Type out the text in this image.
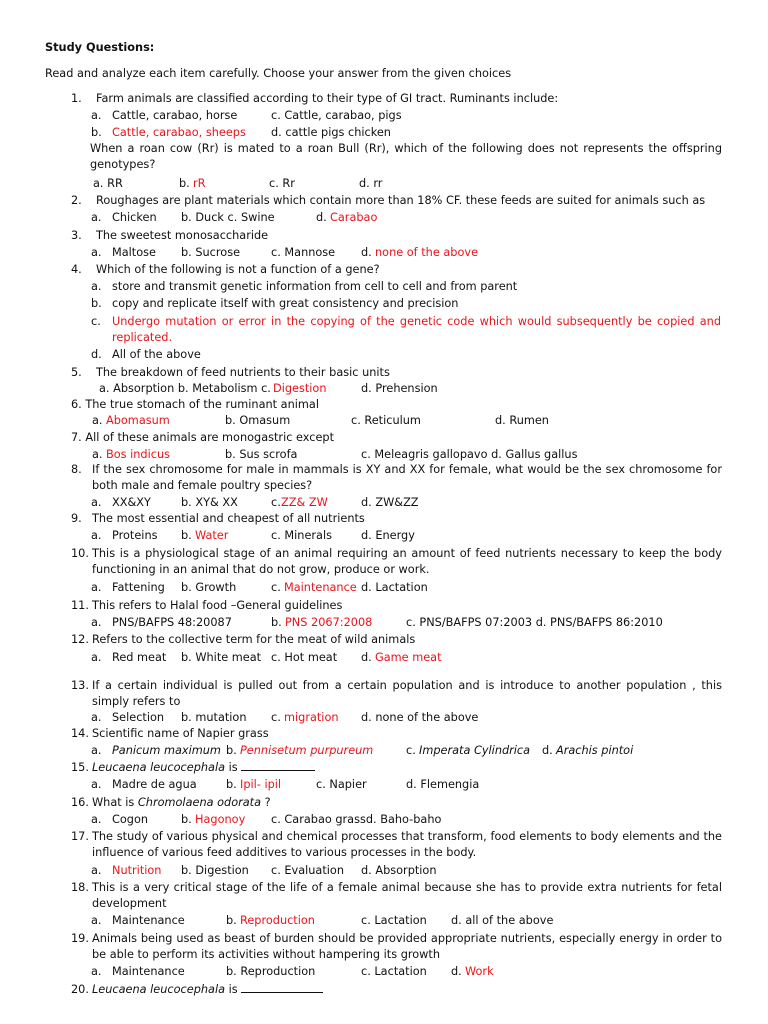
Study Questions:
Read and analyze each item carefully. Choose your answer from the given choices
1. Farm animals are classified according to their type of GI tract. Ruminants include:
a. Cattle, carabao, horse	c. Cattle, carabao, pigs
b. Cattle, carabao, sheeps d. cattle pigs chicken
When a roan cow (Rr) is mated to a roan Bull (Rr), which of the following does not represents the offspring genotypes?
a. RR	b. rR	c. Rr	d. rr
2. Roughages are plant materials which contain more than 18% CF. these feeds are suited for animals such as
a. Chicken b. Duck c. Swine	d. Carabao
3. The sweetest monosaccharide
a. Maltose b. Sucrose	c. Mannose d. none of the above
4. Which of the following is not a function of a gene?
a. store and transmit genetic information from cell to cell and from parent
b. copy and replicate itself with great consistency and precision
c. Undergo mutation or error in the copying of the genetic code which would subsequently be copied and replicated.
d. All of the above
5. The breakdown of feed nutrients to their basic units
a. Absorption b. Metabolism c. Digestion	d. Prehension
6. The true stomach of the ruminant animal
a. Abomasum	b. Omasum	c. Reticulum	d. Rumen
7. All of these animals are monogastric except
a. Bos indicus	b. Sus scrofa	c. Meleagris gallopavo d. Gallus gallus
8. If the sex chromosome for male in mammals is XY and XX for female, what would be the sex chromosome for both male and female poultry species?
a. XX&XY	b. XY& XX	c. ZZ& ZW	d. ZW&ZZ
9. The most essential and cheapest of all nutrients
a. Proteins b. Water	c. Minerals	d. Energy
10. This is a physiological stage of an animal requiring an amount of feed nutrients necessary to keep the body functioning in an animal that do not grow, produce or work.
a. Fattening b. Growth	c. Maintenance d. Lactation
11. This refers to Halal food –General guidelines
a. PNS/BAFPS 48:20087	b. PNS 2067:2008	c. PNS/BAFPS 07:2003 d. PNS/BAFPS 86:2010
12. Refers to the collective term for the meat of wild animals
a. Red meat b. White meat c. Hot meat d. Game meat
13. If a certain individual is pulled out from a certain population and is introduce to another population , this simply refers to
a. Selection b. mutation c. migration d. none of the above
14. Scientific name of Napier grass
a. Panicum maximum b. Pennisetum purpureum	c. Imperata Cylindrica d. Arachis pintoi
15. Leucaena leucocephala is
a. Madre de agua	b. Ipil- ipil	c. Napier	d. Flemengia
16. What is Chromolaena odorata ?
a. Cogon	b. Hagonoy c. Carabao grassd. Baho-baho
17. The study of various physical and chemical processes that transform, food elements to body elements and the influence of various feed additives to various processes in the body.
a. Nutrition b. Digestion c. Evaluation d. Absorption
18. This is a very critical stage of the life of a female animal because she has to provide extra nutrients for fetal development
a. Maintenance	b. Reproduction	c. Lactation d. all of the above
19. Animals being used as beast of burden should be provided appropriate nutrients, especially energy in order to be able to perform its activities without hampering its growth
a. Maintenance	b. Reproduction	c. Lactation d. Work
20. Leucaena leucocephala is
